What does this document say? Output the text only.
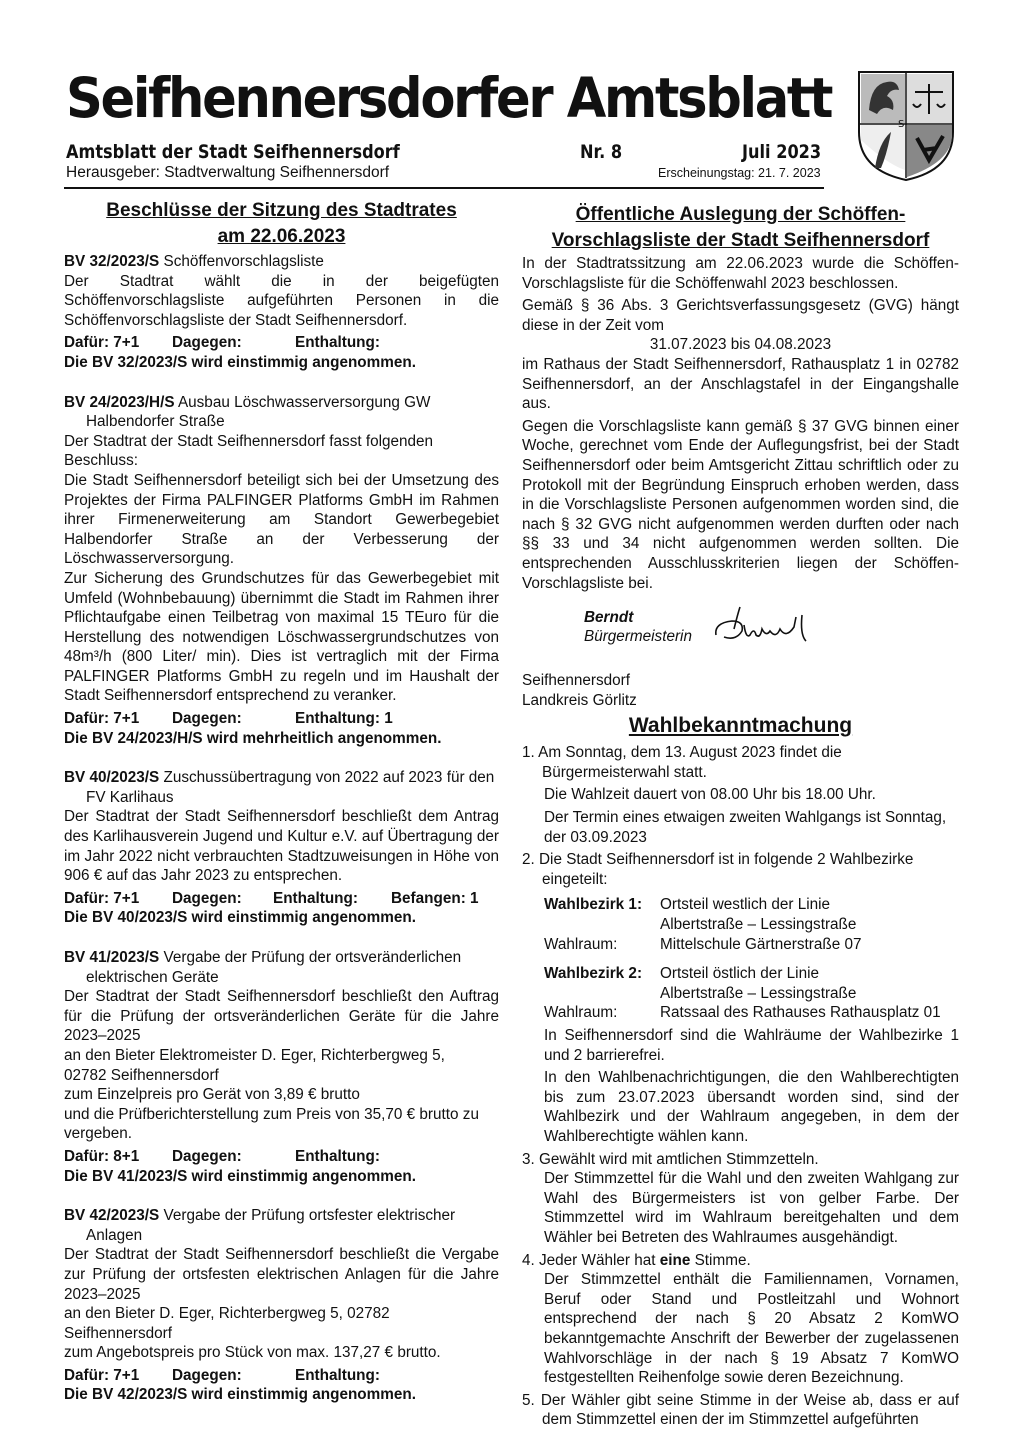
Seifhennersdorfer Amtsblatt
Amtsblatt der Stadt Seifhennersdorf	Nr. 8	Juli 2023
Herausgeber: Stadtverwaltung Seifhennersdorf	Erscheinungstag: 21. 7. 2023
S
Beschlüsse der Sitzung des Stadtrates
am 22.06.2023

BV 32/2023/S Schöffenvorschlagsliste

Der Stadtrat wählt die in der beigefügten Schöffenvorschlagsliste aufgeführten Personen in die Schöffenvorschlagsliste der Stadt Seifhennersdorf.

Dafür: 7+1	Dagegen:	Enthaltung:

Die BV 32/2023/S wird einstimmig angenommen.

BV 24/2023/H/S Ausbau Löschwasserversorgung GW Halbendorfer Straße

Der Stadtrat der Stadt Seifhennersdorf fasst folgenden Beschluss:

Die Stadt Seifhennersdorf beteiligt sich bei der Umsetzung des Projektes der Firma PALFINGER Platforms GmbH im Rahmen ihrer Firmenerweiterung am Standort Gewerbegebiet Halbendorfer Straße an der Verbesserung der Löschwasserversorgung.

Zur Sicherung des Grundschutzes für das Gewerbegebiet mit Umfeld (Wohnbebauung) übernimmt die Stadt im Rahmen ihrer Pflichtaufgabe einen Teilbetrag von maximal 15 TEuro für die Herstellung des notwendigen Löschwassergrundschutzes von 48m³/h (800 Liter/ min). Dies ist vertraglich mit der Firma PALFINGER Platforms GmbH zu regeln und im Haushalt der Stadt Seifhennersdorf entsprechend zu veranker.

Dafür: 7+1	Dagegen:	Enthaltung: 1

Die BV 24/2023/H/S wird mehrheitlich angenommen.

BV 40/2023/S Zuschussübertragung von 2022 auf 2023 für den FV Karlihaus

Der Stadtrat der Stadt Seifhennersdorf beschließt dem Antrag des Karlihausverein Jugend und Kultur e.V. auf Übertragung der im Jahr 2022 nicht verbrauchten Stadtzuweisungen in Höhe von 906 € auf das Jahr 2023 zu entsprechen.

Dafür: 7+1	Dagegen:	Enthaltung:	Befangen: 1

Die BV 40/2023/S wird einstimmig angenommen.

BV 41/2023/S Vergabe der Prüfung der ortsveränderlichen elektrischen Geräte

Der Stadtrat der Stadt Seifhennersdorf beschließt den Auftrag für die Prüfung der ortsveränderlichen Geräte für die Jahre 2023–2025

an den Bieter Elektromeister D. Eger, Richterbergweg 5,

02782 Seifhennersdorf

zum Einzelpreis pro Gerät von 3,89 € brutto

und die Prüfberichterstellung zum Preis von 35,70 € brutto zu vergeben.

Dafür: 8+1	Dagegen:	Enthaltung:

Die BV 41/2023/S wird einstimmig angenommen.

BV 42/2023/S Vergabe der Prüfung ortsfester elektrischer Anlagen

Der Stadtrat der Stadt Seifhennersdorf beschließt die Vergabe zur Prüfung der ortsfesten elektrischen Anlagen für die Jahre 2023–2025

an den Bieter D. Eger, Richterbergweg 5, 02782 Seifhennersdorf

zum Angebotspreis pro Stück von max. 137,27 € brutto.

Dafür: 7+1	Dagegen:	Enthaltung:

Die BV 42/2023/S wird einstimmig angenommen.

Öffentliche Auslegung der Schöffen-
Vorschlagsliste der Stadt Seifhennersdorf

In der Stadtratssitzung am 22.06.2023 wurde die Schöffen-Vorschlagsliste für die Schöffenwahl 2023 beschlossen.

Gemäß § 36 Abs. 3 Gerichtsverfassungsgesetz (GVG) hängt diese in der Zeit vom

31.07.2023 bis 04.08.2023

im Rathaus der Stadt Seifhennersdorf, Rathausplatz 1 in 02782 Seifhennersdorf, an der Anschlagstafel in der Eingangshalle aus.

Gegen die Vorschlagsliste kann gemäß § 37 GVG binnen einer Woche, gerechnet vom Ende der Auflegungsfrist, bei der Stadt Seifhennersdorf oder beim Amtsgericht Zittau schriftlich oder zu Protokoll mit der Begründung Einspruch erhoben werden, dass in die Vorschlagsliste Personen aufgenommen worden sind, die nach § 32 GVG nicht aufgenommen werden durften oder nach §§ 33 und 34 nicht aufgenommen werden sollten. Die entsprechenden Ausschlusskriterien liegen der Schöffen-Vorschlagsliste bei.

Berndt
Bürgermeisterin

Seifhennersdorf

Landkreis Görlitz

Wahlbekanntmachung

1. Am Sonntag, dem 13. August 2023 findet die Bürgermeisterwahl statt.

Die Wahlzeit dauert von 08.00 Uhr bis 18.00 Uhr.

Der Termin eines etwaigen zweiten Wahlgangs ist Sonntag, der 03.09.2023

2. Die Stadt Seifhennersdorf ist in folgende 2 Wahlbezirke eingeteilt:

Wahlbezirk 1:	Ortsteil westlich der Linie
Albertstraße – Lessingstraße
Wahlraum:	Mittelschule Gärtnerstraße 07
Wahlbezirk 2:	Ortsteil östlich der Linie
Albertstraße – Lessingstraße
Wahlraum:	Ratssaal des Rathauses Rathausplatz 01

In Seifhennersdorf sind die Wahlräume der Wahlbezirke 1 und 2 barrierefrei.

In den Wahlbenachrichtigungen, die den Wahlberechtigten bis zum 23.07.2023 übersandt worden sind, sind der Wahlbezirk und der Wahlraum angegeben, in dem der Wahlberechtigte wählen kann.

3. Gewählt wird mit amtlichen Stimmzetteln.

Der Stimmzettel für die Wahl und den zweiten Wahlgang zur Wahl des Bürgermeisters ist von gelber Farbe. Der Stimmzettel wird im Wahlraum bereitgehalten und dem Wähler bei Betreten des Wahlraumes ausgehändigt.

4. Jeder Wähler hat eine Stimme.

Der Stimmzettel enthält die Familiennamen, Vornamen, Beruf oder Stand und Postleitzahl und Wohnort entsprechend der nach § 20 Absatz 2 KomWO bekanntgemachte Anschrift der Bewerber der zugelassenen Wahlvorschläge in der nach § 19 Absatz 7 KomWO festgestellten Reihenfolge sowie deren Bezeichnung.

5. Der Wähler gibt seine Stimme in der Weise ab, dass er auf dem Stimmzettel einen der im Stimmzettel aufgeführten
